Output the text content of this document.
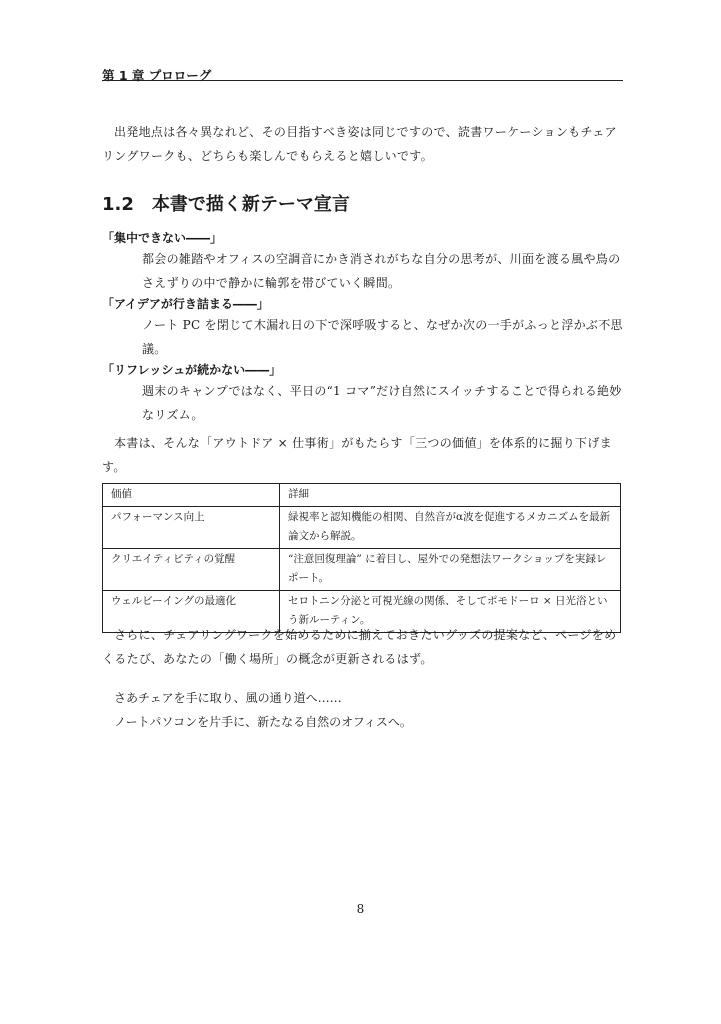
第 1 章 プロローグ

出発地点は各々異なれど、その目指すべき姿は同じですので、読書ワーケーションもチェアリングワークも、どちらも楽しんでもらえると嬉しいです。

1.2 本書で描く新テーマ宣言
「集中できない――」
都会の雑踏やオフィスの空調音にかき消されがちな自分の思考が、川面を渡る風や鳥のさえずりの中で静かに輪郭を帯びていく瞬間。
「アイデアが行き詰まる――」
ノート PC を閉じて木漏れ日の下で深呼吸すると、なぜか次の一手がふっと浮かぶ不思議。
「リフレッシュが続かない――」
週末のキャンプではなく、平日の“1 コマ”だけ自然にスイッチすることで得られる絶妙なリズム。

本書は、そんな「アウトドア × 仕事術」がもたらす「三つの価値」を体系的に掘り下げます。

価値	詳細
パフォーマンス向上	緑視率と認知機能の相関、自然音がα波を促進するメカニズムを最新論文から解説。
クリエイティビティの覚醒	“注意回復理論” に着目し、屋外での発想法ワークショップを実録レポート。
ウェルビーイングの最適化	セロトニン分泌と可視光線の関係、そしてポモドーロ × 日光浴という新ルーティン。

さらに、チェアリングワークを始めるために揃えておきたいグッズの提案など、ページをめくるたび、あなたの「働く場所」の概念が更新されるはず。

さあチェアを手に取り、風の通り道へ……

ノートパソコンを片手に、新たなる自然のオフィスへ。

8
